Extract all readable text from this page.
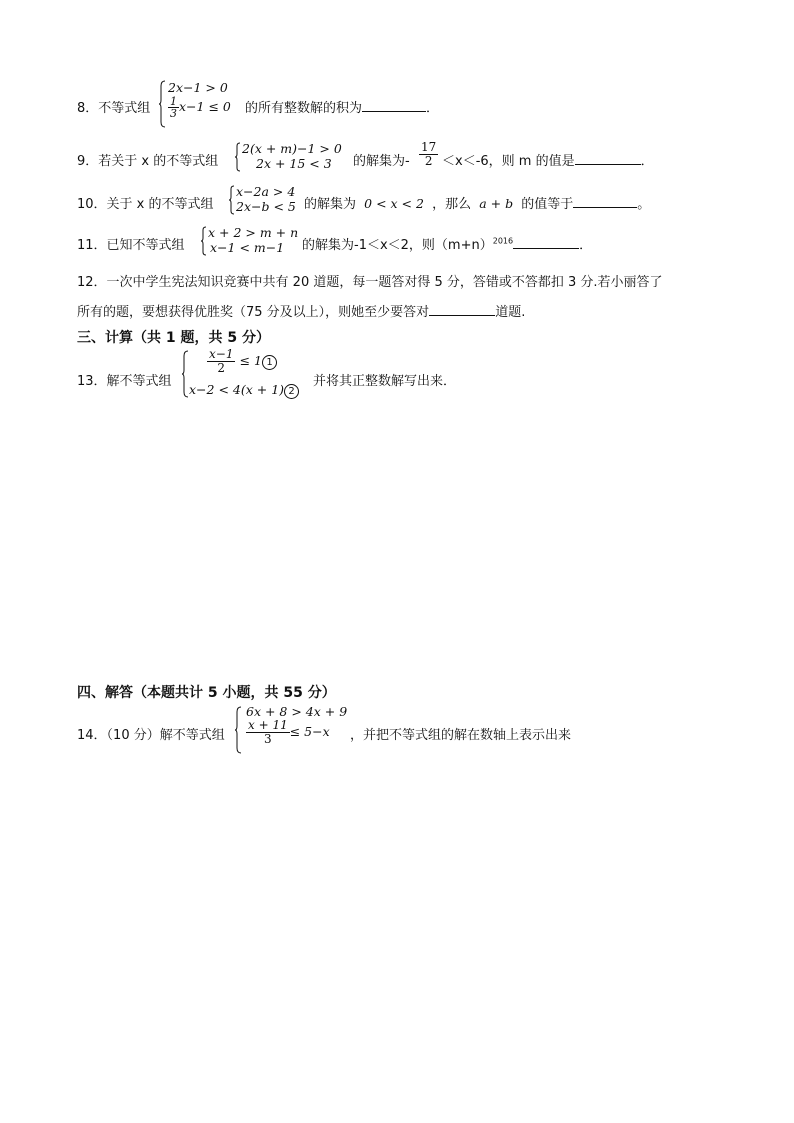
8．不等式组
2x−1 > 0
$\frac{1}{3} x-1 \le 0$ 的所有整数解的积为	．
9．若关于 x 的不等式组
2(x + m)−1 > 0
2x + 15 < 3 的解集为- $\frac{17}{2} <x<-6$，则 m 的值是	．
10．关于 x 的不等式组
x−2a > 4
2x−b < 5 的解集为 0 < x < 2 ，那么 a + b 的值等于	。
11．已知不等式组
x + 2 > m + n
x−1 < m−1 的解集为-1＜x＜2，则$(m+n)^{2016}$	．
12．一次中学生宪法知识竞赛中共有 20 道题，每一题答对得 5 分，答错或不答都扣 3 分.若小丽答了
所有的题，要想获得优胜奖（75 分及以上），则她至少要答对	道题.
三、计算（共 1 题，共 5 分）
13．解不等式组
$\frac{x-1}{2} \le 1$ 1
x−2 < 4(x + 1) 2
并将其正整数解写出来．
四、解答（本题共计 5 小题，共 55 分）
14．（10 分）解不等式组
6x + 8 > 4x + 9
$\frac{x + 11}{3} \le 5-x$ ，并把不等式组的解在数轴上表示出来
